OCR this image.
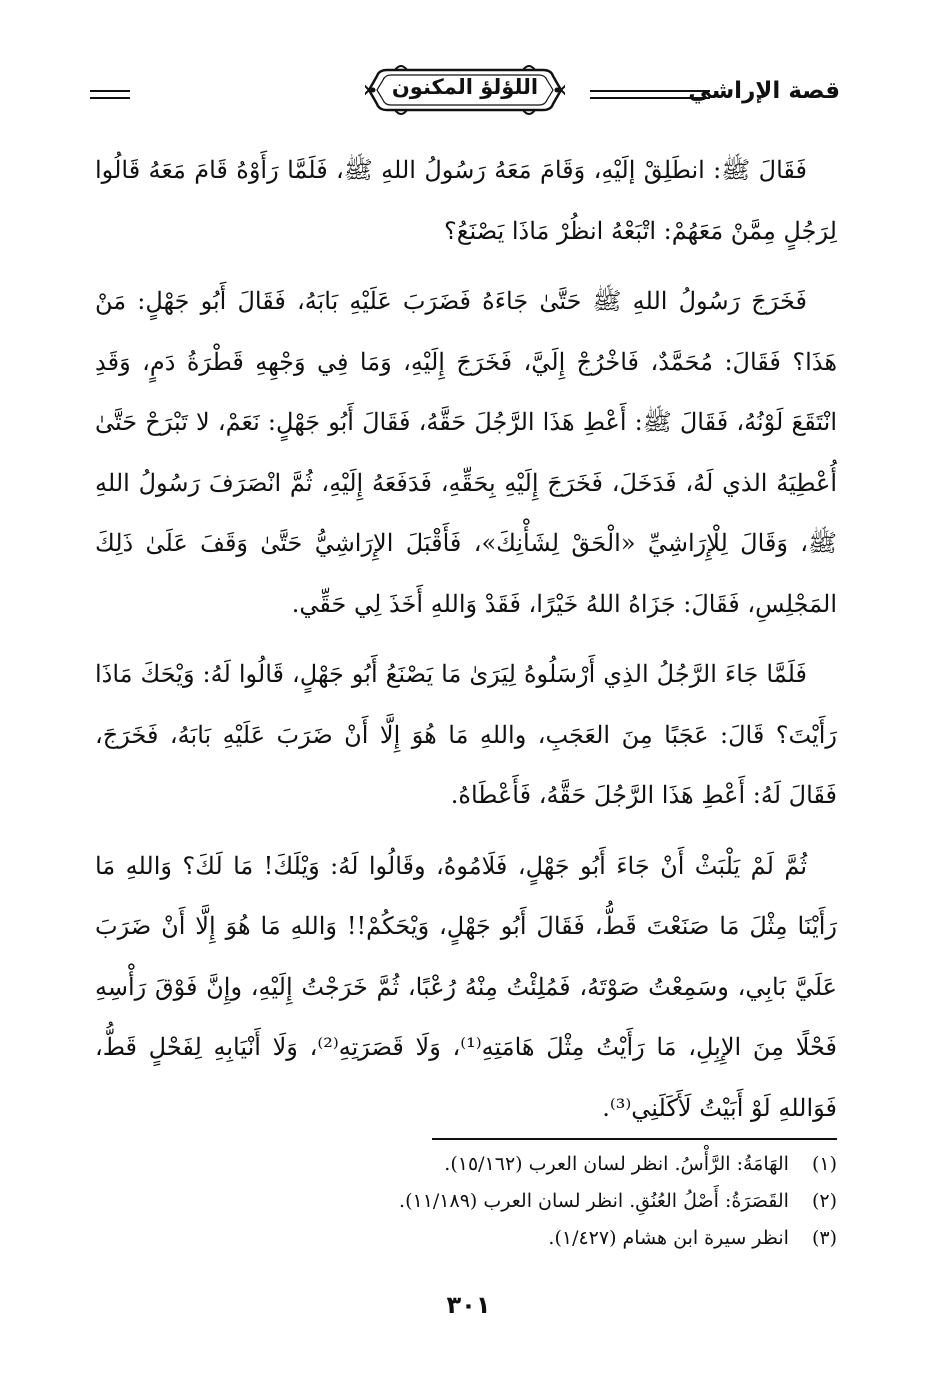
قصة الإراشي
اللؤلؤ المكنون

فَقَالَ ﷺ: انطَلِقْ إلَيْهِ، وَقَامَ مَعَهُ رَسُولُ اللهِ ﷺ، فَلَمَّا رَأَوْهُ قَامَ مَعَهُ قَالُوا لِرَجُلٍ مِمَّنْ مَعَهُمْ: اتْبَعْهُ انظُرْ مَاذَا يَصْنَعُ؟

فَخَرَجَ رَسُولُ اللهِ ﷺ حَتَّىٰ جَاءَهُ فَضَرَبَ عَلَيْهِ بَابَهُ، فَقَالَ أَبُو جَهْلٍ: مَنْ هَذَا؟ فَقَالَ: مُحَمَّدٌ، فَاخْرُجْ إِلَيَّ، فَخَرَجَ إِلَيْهِ، وَمَا فِي وَجْهِهِ قَطْرَةُ دَمٍ، وَقَدِ انْتَقَعَ لَوْنُهُ، فَقَالَ ﷺ: أَعْطِ هَذَا الرَّجُلَ حَقَّهُ، فَقَالَ أَبُو جَهْلٍ: نَعَمْ، لا تَبْرَحْ حَتَّىٰ أُعْطِيَهُ الذي لَهُ، فَدَخَلَ، فَخَرَجَ إِلَيْهِ بِحَقِّهِ، فَدَفَعَهُ إِلَيْهِ، ثُمَّ انْصَرَفَ رَسُولُ اللهِ ﷺ، وَقَالَ لِلْإِرَاشِيِّ «الْحَقْ لِشَأْنِكَ»، فَأَقْبَلَ الإِرَاشِيُّ حَتَّىٰ وَقَفَ عَلَىٰ ذَلِكَ المَجْلِسِ، فَقَالَ: جَزَاهُ اللهُ خَيْرًا، فَقَدْ وَاللهِ أَخَذَ لِي حَقِّي.

فَلَمَّا جَاءَ الرَّجُلُ الذِي أَرْسَلُوهُ لِيَرَىٰ مَا يَصْنَعُ أَبُو جَهْلٍ، قَالُوا لَهُ: وَيْحَكَ مَاذَا رَأَيْتَ؟ قَالَ: عَجَبًا مِنَ العَجَبِ، واللهِ مَا هُوَ إِلَّا أَنْ ضَرَبَ عَلَيْهِ بَابَهُ، فَخَرَجَ، فَقَالَ لَهُ: أَعْطِ هَذَا الرَّجُلَ حَقَّهُ، فَأَعْطَاهُ.

ثُمَّ لَمْ يَلْبَثْ أَنْ جَاءَ أَبُو جَهْلٍ، فَلَامُوهُ، وقَالُوا لَهُ: وَيْلَكَ! مَا لَكَ؟ وَاللهِ مَا رَأَيْنَا مِثْلَ مَا صَنَعْتَ قَطُّ، فَقَالَ أَبُو جَهْلٍ، وَيْحَكُمْ!! وَاللهِ مَا هُوَ إِلَّا أَنْ ضَرَبَ عَلَيَّ بَابِي، وسَمِعْتُ صَوْتَهُ، فَمُلِئْتُ مِنْهُ رُعْبًا، ثُمَّ خَرَجْتُ إِلَيْهِ، وإِنَّ فَوْقَ رَأْسِهِ فَحْلًا مِنَ الإِبِلِ، مَا رَأَيْتُ مِثْلَ هَامَتِهِ⁽¹⁾، وَلَا قَصَرَتِهِ⁽²⁾، وَلَا أَنْيَابِهِ لِفَحْلٍ قَطُّ، فَوَاللهِ لَوْ أَبَيْتُ لَأَكَلَنِي⁽³⁾.

(١) الهَامَةُ: الرَّأْسُ. انظر لسان العرب (١٥/١٦٢).
(٢) القَصَرَةُ: أَصْلُ العُنُقِ. انظر لسان العرب (١١/١٨٩).
(٣) انظر سيرة ابن هشام (١/٤٢٧).
٣٠١
